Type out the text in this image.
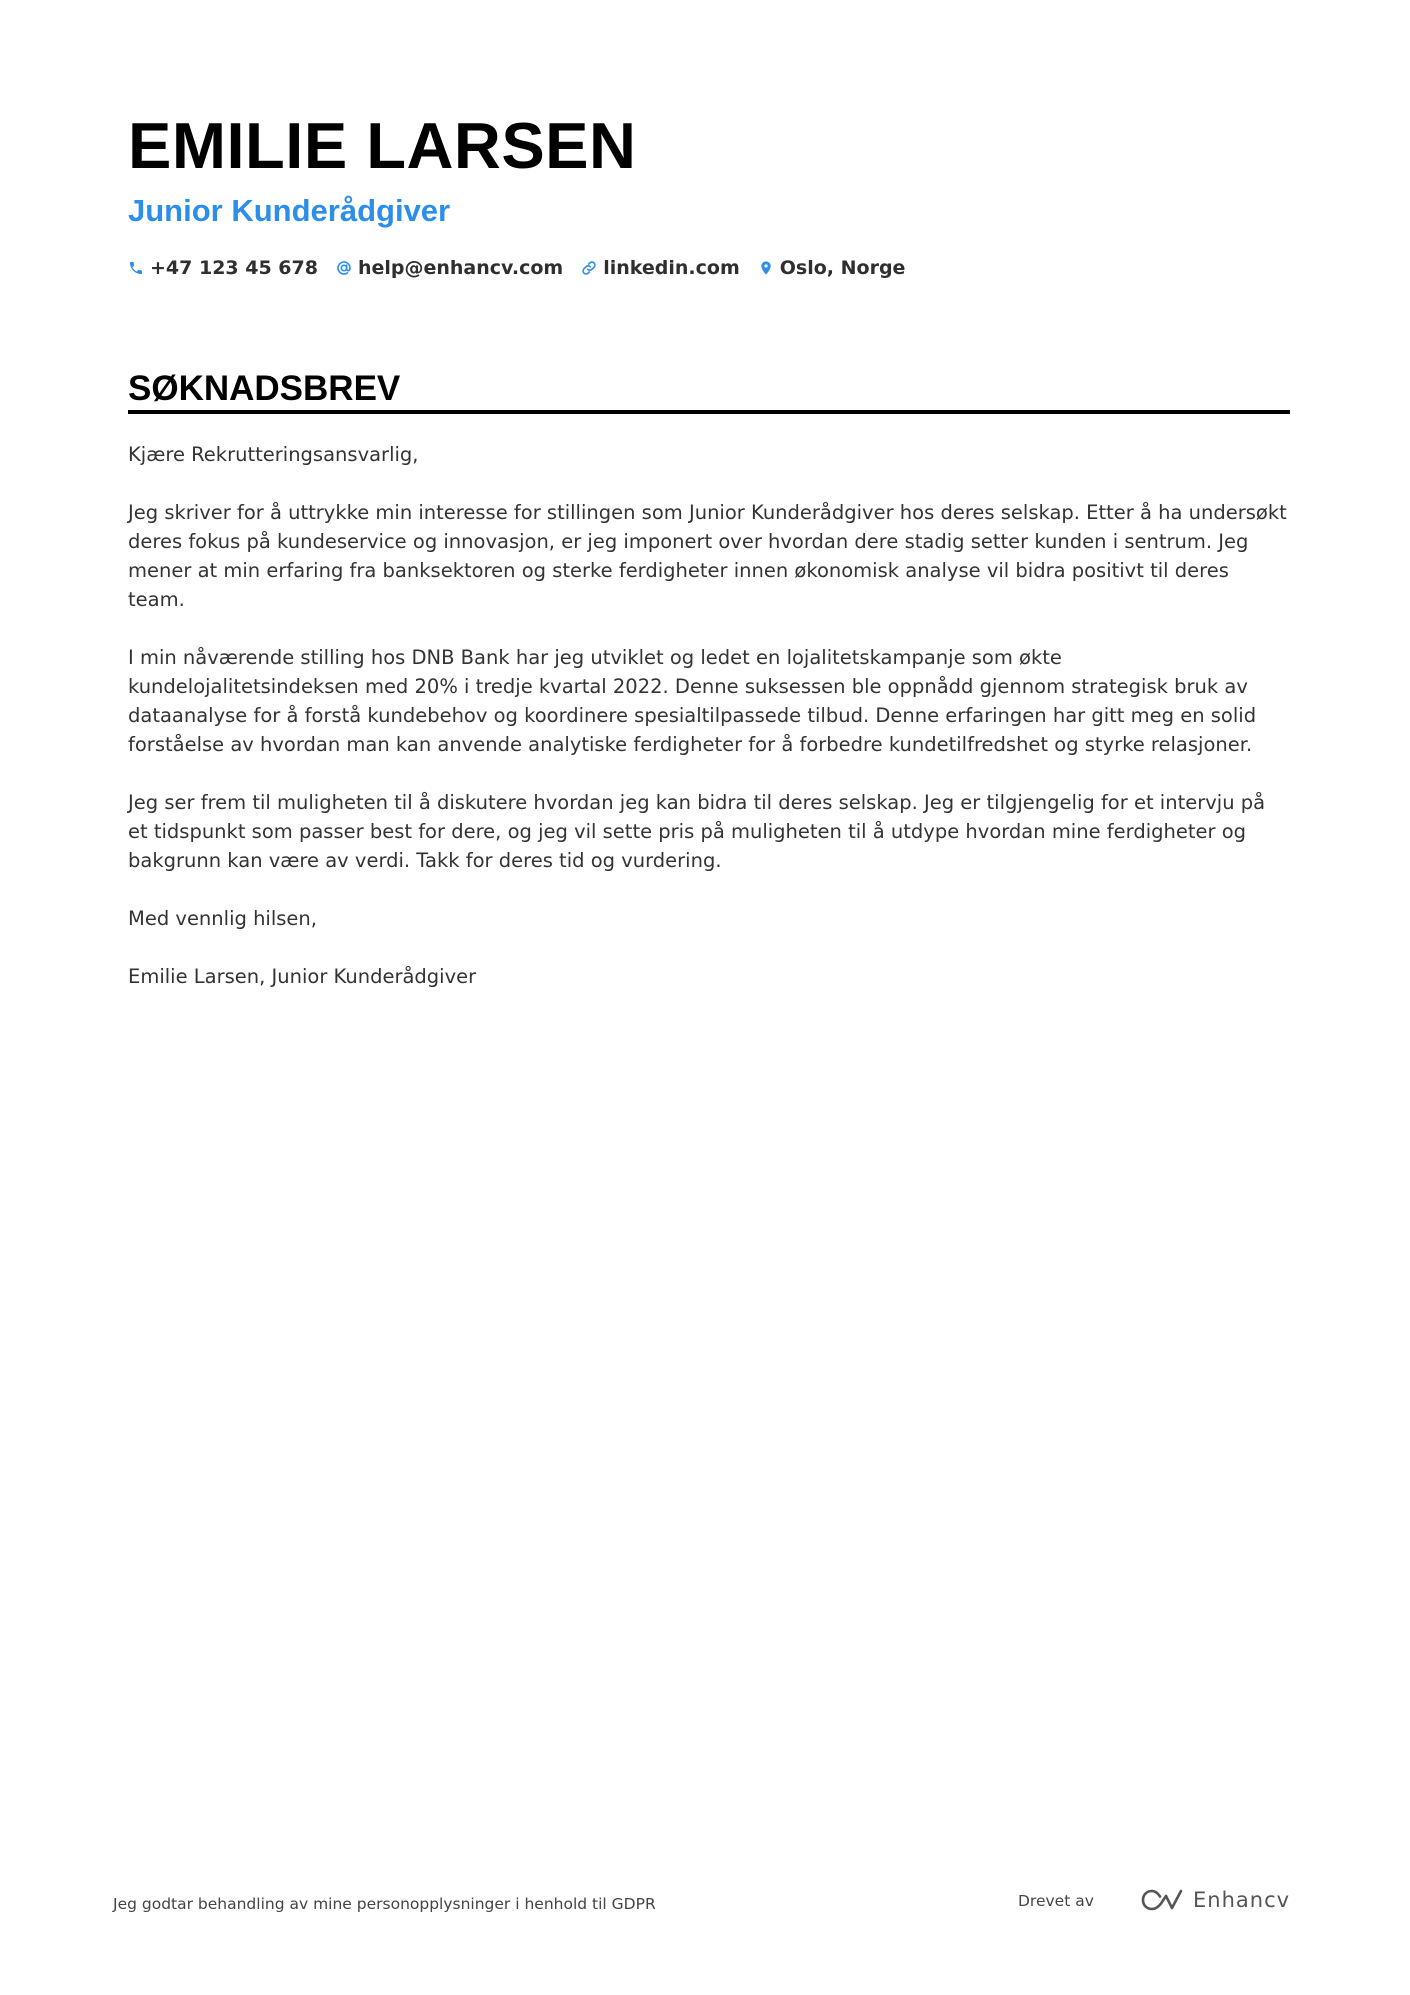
EMILIE LARSEN
Junior Kunderådgiver
+47 123 45 678 help@enhancv.com linkedin.com Oslo, Norge
SØKNADSBREV

Kjære Rekrutteringsansvarlig,

Jeg skriver for å uttrykke min interesse for stillingen som Junior Kunderådgiver hos deres selskap. Etter å ha undersøkt deres fokus på kundeservice og innovasjon, er jeg imponert over hvordan dere stadig setter kunden i sentrum. Jeg mener at min erfaring fra banksektoren og sterke ferdigheter innen økonomisk analyse vil bidra positivt til deres team.

I min nåværende stilling hos DNB Bank har jeg utviklet og ledet en lojalitetskampanje som økte kundelojalitetsindeksen med 20% i tredje kvartal 2022. Denne suksessen ble oppnådd gjennom strategisk bruk av dataanalyse for å forstå kundebehov og koordinere spesialtilpassede tilbud. Denne erfaringen har gitt meg en solid forståelse av hvordan man kan anvende analytiske ferdigheter for å forbedre kundetilfredshet og styrke relasjoner.

Jeg ser frem til muligheten til å diskutere hvordan jeg kan bidra til deres selskap. Jeg er tilgjengelig for et intervju på et tidspunkt som passer best for dere, og jeg vil sette pris på muligheten til å utdype hvordan mine ferdigheter og bakgrunn kan være av verdi. Takk for deres tid og vurdering.

Med vennlig hilsen,

Emilie Larsen, Junior Kunderådgiver

Jeg godtar behandling av mine personopplysninger i henhold til GDPR	Drevet av	Enhancv
